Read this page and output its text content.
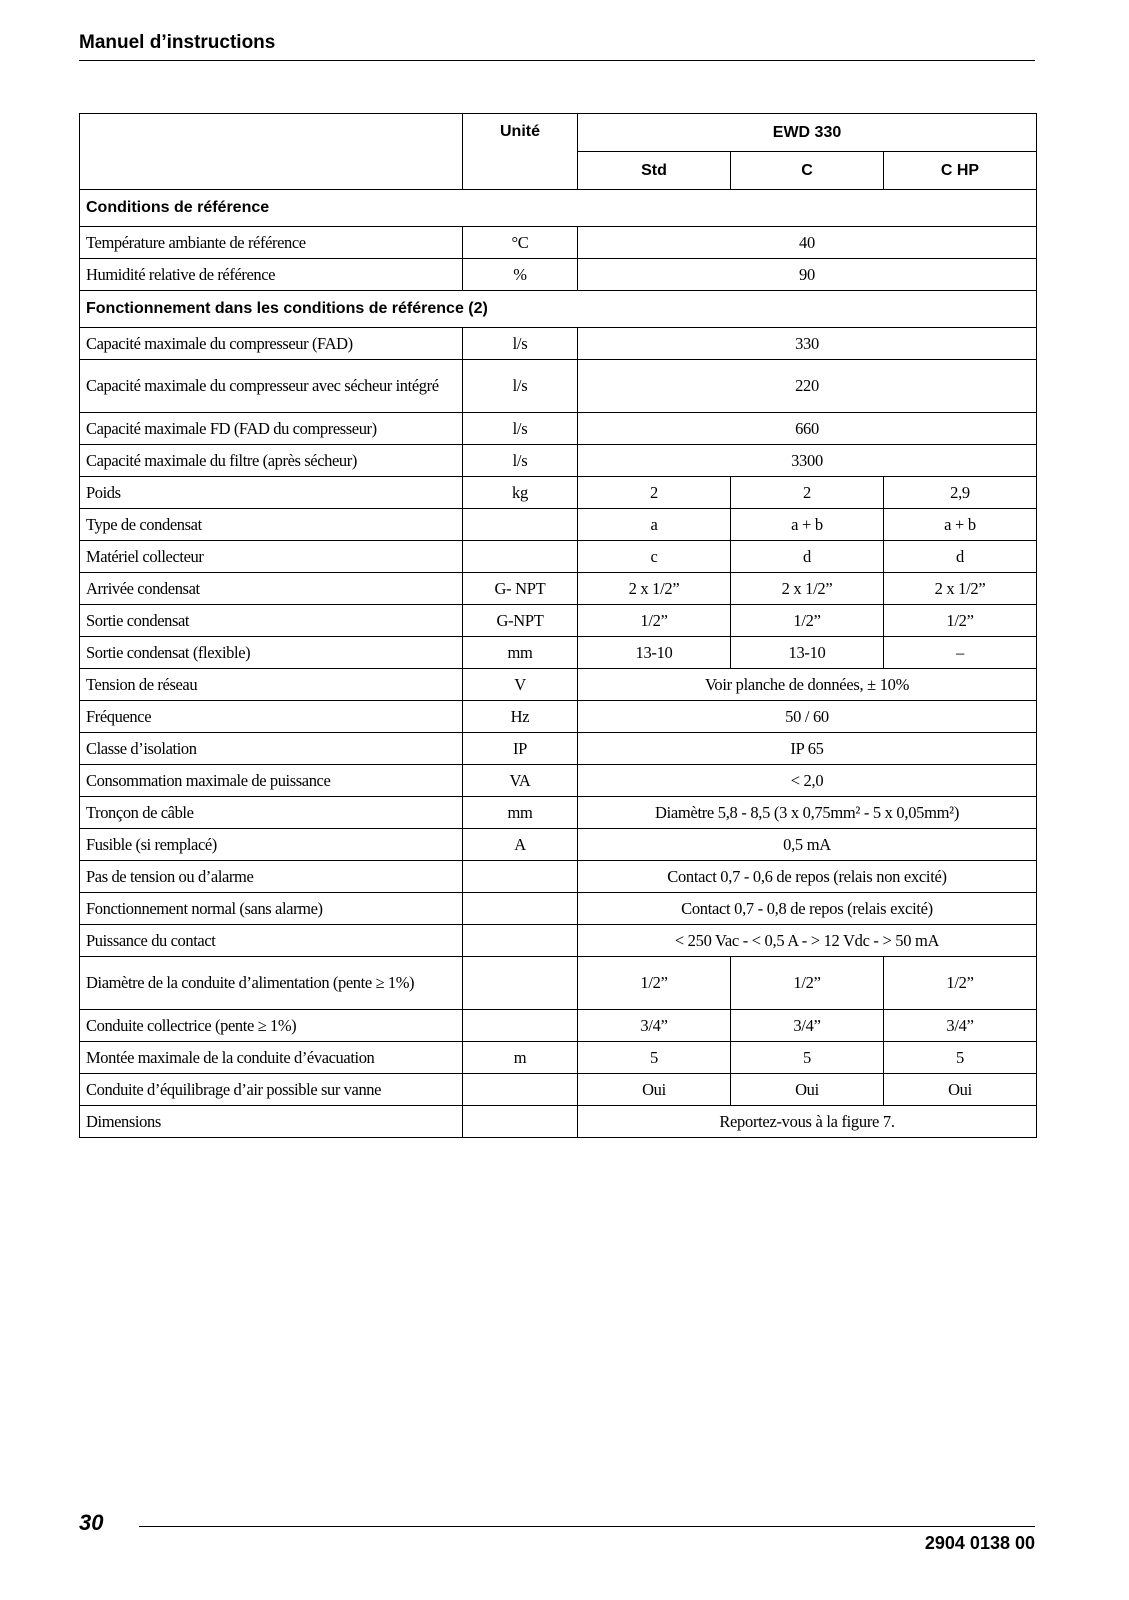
Manuel d’instructions
	Unité	EWD 330		
		Std	C	C HP
Conditions de référence				
Température ambiante de référence	°C	40		
Humidité relative de référence	%	90		
Fonctionnement dans les conditions de référence (2)				
Capacité maximale du compresseur (FAD)	l/s	330		
Capacité maximale du compresseur avec sécheur intégré	l/s	220		
Capacité maximale FD (FAD du compresseur)	l/s	660		
Capacité maximale du filtre (après sécheur)	l/s	3300		
Poids	kg	2	2	2,9
Type de condensat		a	a + b	a + b
Matériel collecteur		c	d	d
Arrivée condensat	G- NPT	2 x 1/2”	2 x 1/2”	2 x 1/2”
Sortie condensat	G-NPT	1/2”	1/2”	1/2”
Sortie condensat (flexible)	mm	13-10	13-10	–
Tension de réseau	V	Voir planche de données, ± 10%		
Fréquence	Hz	50 / 60		
Classe d’isolation	IP	IP 65		
Consommation maximale de puissance	VA	< 2,0		
Tronçon de câble	mm	Diamètre 5,8 - 8,5 (3 x 0,75mm² - 5 x 0,05mm²)		
Fusible (si remplacé)	A	0,5 mA		
Pas de tension ou d’alarme		Contact 0,7 - 0,6 de repos (relais non excité)		
Fonctionnement normal (sans alarme)		Contact 0,7 - 0,8 de repos (relais excité)		
Puissance du contact		< 250 Vac - < 0,5 A - > 12 Vdc - > 50 mA		
Diamètre de la conduite d’alimentation (pente ≥ 1%)		1/2”	1/2”	1/2”
Conduite collectrice (pente ≥ 1%)		3/4”	3/4”	3/4”
Montée maximale de la conduite d’évacuation	m	5	5	5
Conduite d’équilibrage d’air possible sur vanne		Oui	Oui	Oui
Dimensions		Reportez-vous à la figure 7.		
30
2904 0138 00
